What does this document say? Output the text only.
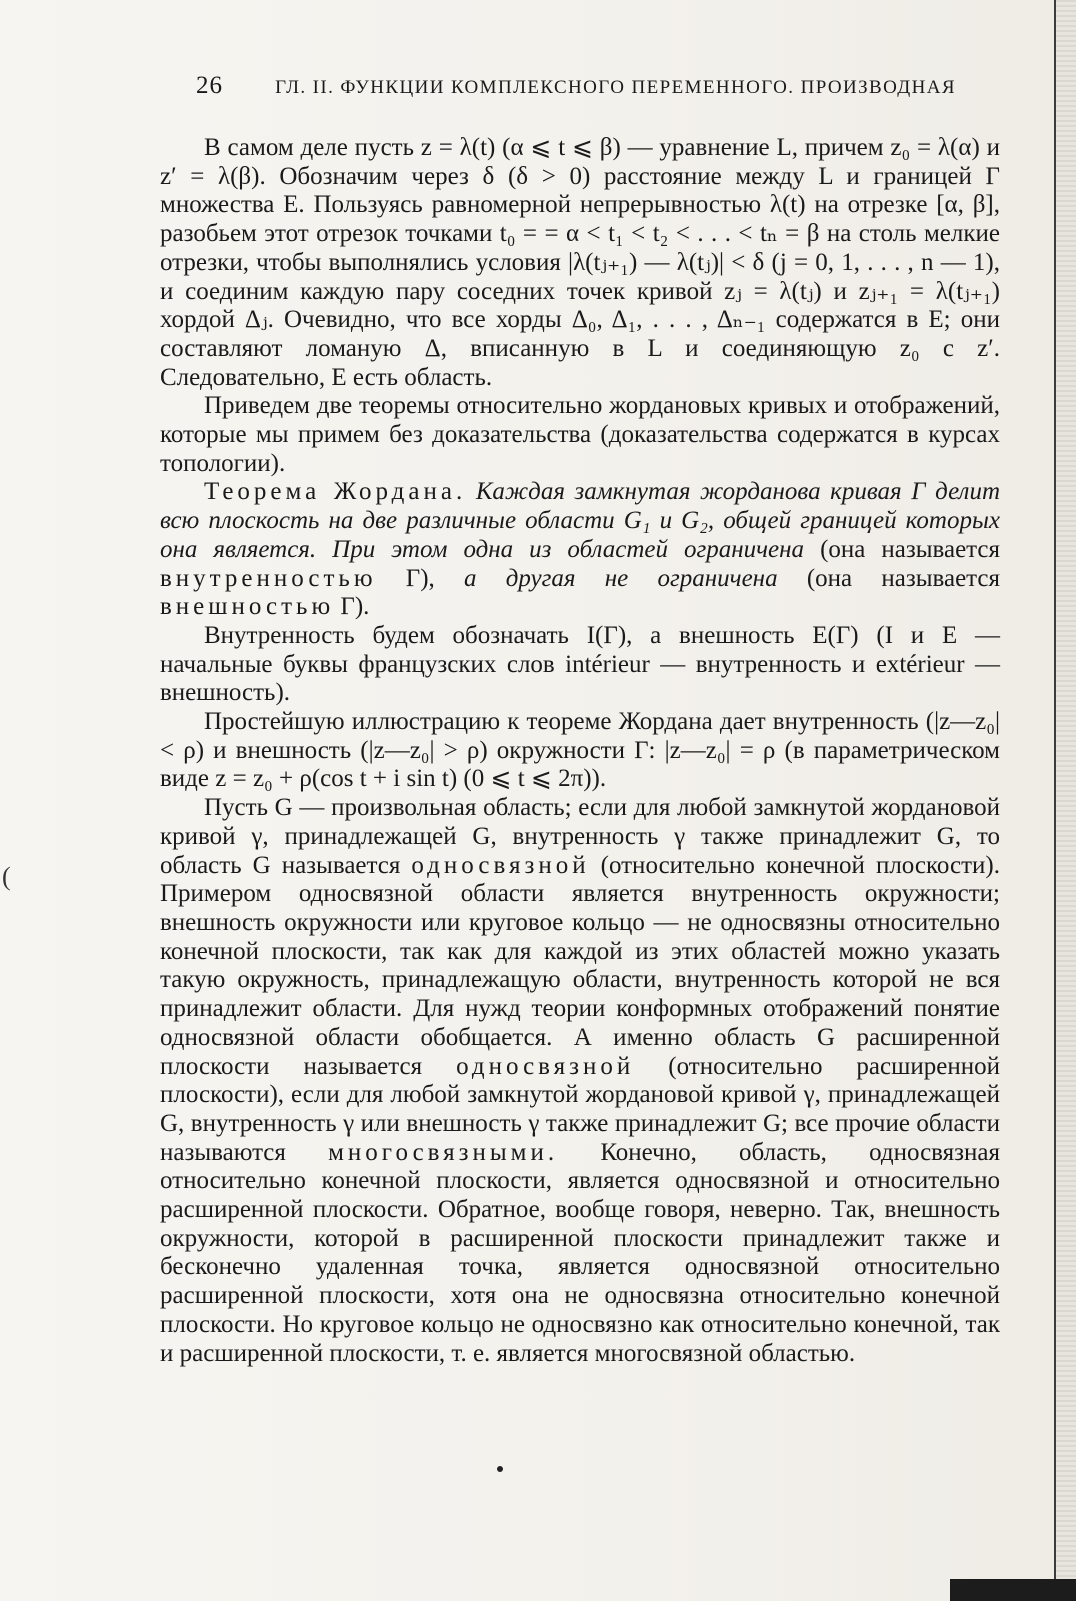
(
26	ГЛ. II. ФУНКЦИИ КОМПЛЕКСНОГО ПЕРЕМЕННОГО. ПРОИЗВОДНАЯ

В самом деле пусть z = λ(t) (α ⩽ t ⩽ β) — уравнение L, причем z₀ = λ(α) и z′ = λ(β). Обозначим через δ (δ > 0) расстояние между L и границей Γ множества E. Пользуясь равномерной непрерывностью λ(t) на отрезке [α, β], разобьем этот отрезок точками t₀ = = α < t₁ < t₂ < . . . < tₙ = β на столь мелкие отрезки, чтобы выполнялись условия |λ(tⱼ₊₁) — λ(tⱼ)| < δ (j = 0, 1, . . . , n — 1), и соединим каждую пару соседних точек кривой zⱼ = λ(tⱼ) и zⱼ₊₁ = λ(tⱼ₊₁) хордой Δⱼ. Очевидно, что все хорды Δ₀, Δ₁, . . . , Δₙ₋₁ содержатся в E; они составляют ломаную Δ, вписанную в L и соединяющую z₀ с z′. Следовательно, E есть область.

Приведем две теоремы относительно жордановых кривых и отображений, которые мы примем без доказательства (доказательства содержатся в курсах топологии).

Теорема Жордана. Каждая замкнутая жорданова кривая Γ делит всю плоскость на две различные области G₁ и G₂, общей границей которых она является. При этом одна из областей ограничена (она называется внутренностью Γ), а другая не ограничена (она называется внешностью Γ).

Внутренность будем обозначать I(Γ), а внешность E(Γ) (I и E — начальные буквы французских слов intérieur — внутренность и extérieur — внешность).

Простейшую иллюстрацию к теореме Жордана дает внутренность (|z—z₀| < ρ) и внешность (|z—z₀| > ρ) окружности Γ: |z—z₀| = ρ (в параметрическом виде z = z₀ + ρ(cos t + i sin t) (0 ⩽ t ⩽ 2π)).

Пусть G — произвольная область; если для любой замкнутой жордановой кривой γ, принадлежащей G, внутренность γ также принадлежит G, то область G называется односвязной (относительно конечной плоскости). Примером односвязной области является внутренность окружности; внешность окружности или круговое кольцо — не односвязны относительно конечной плоскости, так как для каждой из этих областей можно указать такую окружность, принадлежащую области, внутренность которой не вся принадлежит области. Для нужд теории конформных отображений понятие односвязной области обобщается. А именно область G расширенной плоскости называется односвязной (относительно расширенной плоскости), если для любой замкнутой жордановой кривой γ, принадлежащей G, внутренность γ или внешность γ также принадлежит G; все прочие области называются многосвязными. Конечно, область, односвязная относительно конечной плоскости, является односвязной и относительно расширенной плоскости. Обратное, вообще говоря, неверно. Так, внешность окружности, которой в расширенной плоскости принадлежит также и бесконечно удаленная точка, является односвязной относительно расширенной плоскости, хотя она не односвязна относительно конечной плоскости. Но круговое кольцо не односвязно как относительно конечной, так и расширенной плоскости, т. е. является многосвязной областью.
